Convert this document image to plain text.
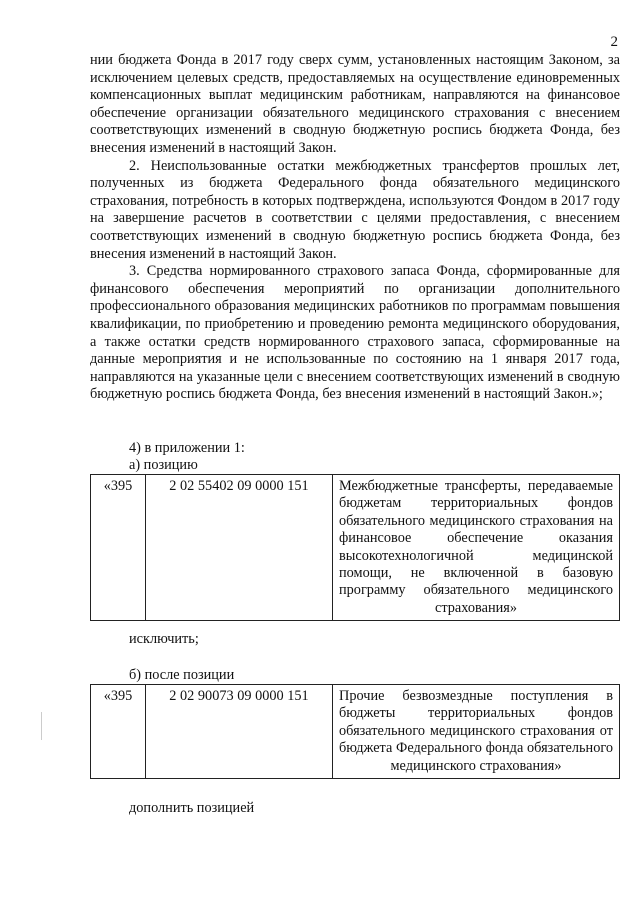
2

нии бюджета Фонда в 2017 году сверх сумм, установленных настоящим Законом, за исключением целевых средств, предоставляемых на осуществление единовременных компенсационных выплат медицинским работникам, направляются на финансовое обеспечение организации обязательного медицинского страхования с внесением соответствующих изменений в сводную бюджетную роспись бюджета Фонда, без внесения изменений в настоящий Закон.

2. Неиспользованные остатки межбюджетных трансфертов прошлых лет, полученных из бюджета Федерального фонда обязательного медицинского страхования, потребность в которых подтверждена, используются Фондом в 2017 году на завершение расчетов в соответствии с целями предоставления, с внесением соответствующих изменений в сводную бюджетную роспись бюджета Фонда, без внесения изменений в настоящий Закон.

3. Средства нормированного страхового запаса Фонда, сформированные для финансового обеспечения мероприятий по организации дополнительного профессионального образования медицинских работников по программам повышения квалификации, по приобретению и проведению ремонта медицинского оборудования, а также остатки средств нормированного страхового запаса, сформированные на данные мероприятия и не использованные по состоянию на 1 января 2017 года, направляются на указанные цели с внесением соответствующих изменений в сводную бюджетную роспись бюджета Фонда, без внесения изменений в настоящий Закон.»;

4) в приложении 1:
а) позицию
«395	2 02 55402 09 0000 151	Межбюджетные трансферты, передаваемые бюджетам территориальных фондов обязательного медицинского страхования на финансовое обеспечение оказания высокотехнологичной медицинской помощи, не включенной в базовую программу обязательного медицинского страхования»
исключить;
б) после позиции
«395	2 02 90073 09 0000 151	Прочие безвозмездные поступления в бюджеты территориальных фондов обязательного медицинского страхования от бюджета Федерального фонда обязательного медицинского страхования»
дополнить позицией
